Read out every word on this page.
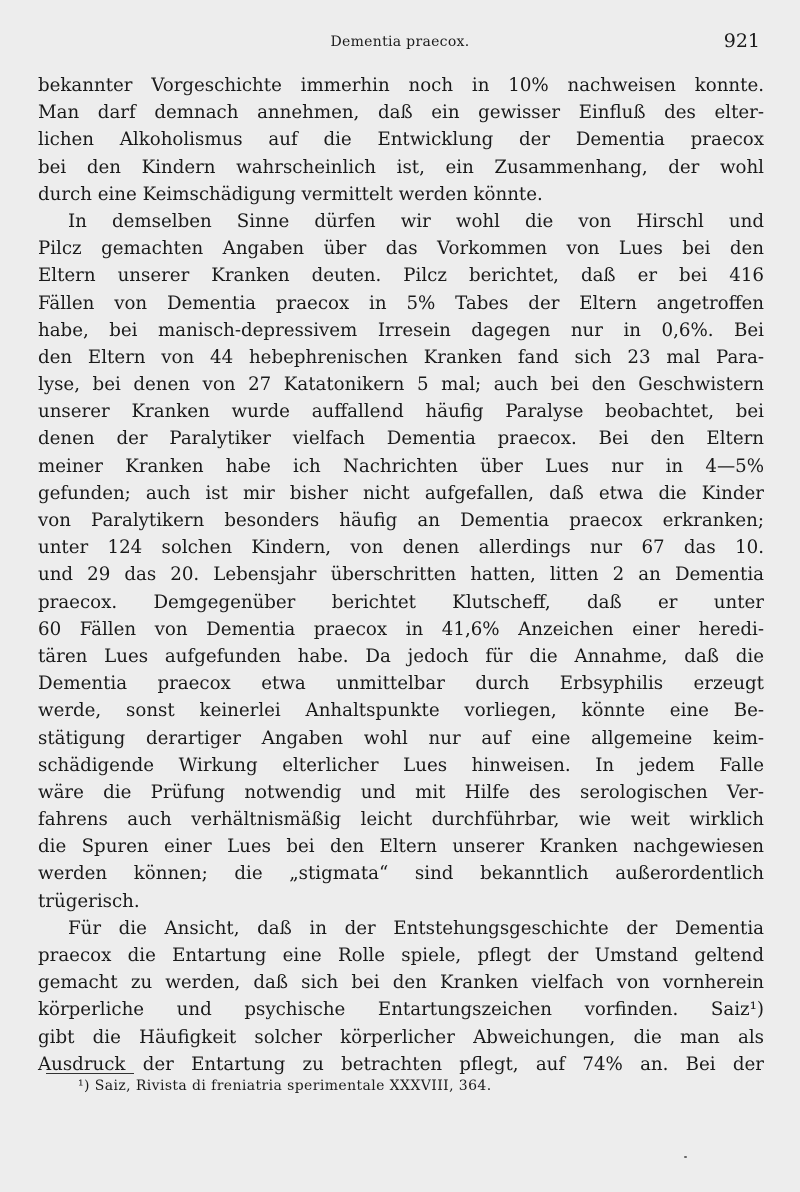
Dementia praecox.	921
bekannter Vorgeschichte immerhin noch in 10% nachweisen konnte.
Man darf demnach annehmen, daß ein gewisser Einfluß des elter-
lichen Alkoholismus auf die Entwicklung der Dementia praecox
bei den Kindern wahrscheinlich ist, ein Zusammenhang, der wohl
durch eine Keimschädigung vermittelt werden könnte.
In demselben Sinne dürfen wir wohl die von Hirschl und
Pilcz gemachten Angaben über das Vorkommen von Lues bei den
Eltern unserer Kranken deuten. Pilcz berichtet, daß er bei 416
Fällen von Dementia praecox in 5% Tabes der Eltern angetroffen
habe, bei manisch-depressivem Irresein dagegen nur in 0,6%. Bei
den Eltern von 44 hebephrenischen Kranken fand sich 23 mal Para-
lyse, bei denen von 27 Katatonikern 5 mal; auch bei den Geschwistern
unserer Kranken wurde auffallend häufig Paralyse beobachtet, bei
denen der Paralytiker vielfach Dementia praecox. Bei den Eltern
meiner Kranken habe ich Nachrichten über Lues nur in 4—5%
gefunden; auch ist mir bisher nicht aufgefallen, daß etwa die Kinder
von Paralytikern besonders häufig an Dementia praecox erkranken;
unter 124 solchen Kindern, von denen allerdings nur 67 das 10.
und 29 das 20. Lebensjahr überschritten hatten, litten 2 an Dementia
praecox. Demgegenüber berichtet Klutscheff, daß er unter
60 Fällen von Dementia praecox in 41,6% Anzeichen einer heredi-
tären Lues aufgefunden habe. Da jedoch für die Annahme, daß die
Dementia praecox etwa unmittelbar durch Erbsyphilis erzeugt
werde, sonst keinerlei Anhaltspunkte vorliegen, könnte eine Be-
stätigung derartiger Angaben wohl nur auf eine allgemeine keim-
schädigende Wirkung elterlicher Lues hinweisen. In jedem Falle
wäre die Prüfung notwendig und mit Hilfe des serologischen Ver-
fahrens auch verhältnismäßig leicht durchführbar, wie weit wirklich
die Spuren einer Lues bei den Eltern unserer Kranken nachgewiesen
werden können; die „stigmata“ sind bekanntlich außerordentlich
trügerisch.
Für die Ansicht, daß in der Entstehungsgeschichte der Dementia
praecox die Entartung eine Rolle spiele, pflegt der Umstand geltend
gemacht zu werden, daß sich bei den Kranken vielfach von vornherein
körperliche und psychische Entartungszeichen vorfinden. Saiz¹)
gibt die Häufigkeit solcher körperlicher Abweichungen, die man als
Ausdruck der Entartung zu betrachten pflegt, auf 74% an. Bei der
¹) Saiz, Rivista di freniatria sperimentale XXXVIII, 364.
